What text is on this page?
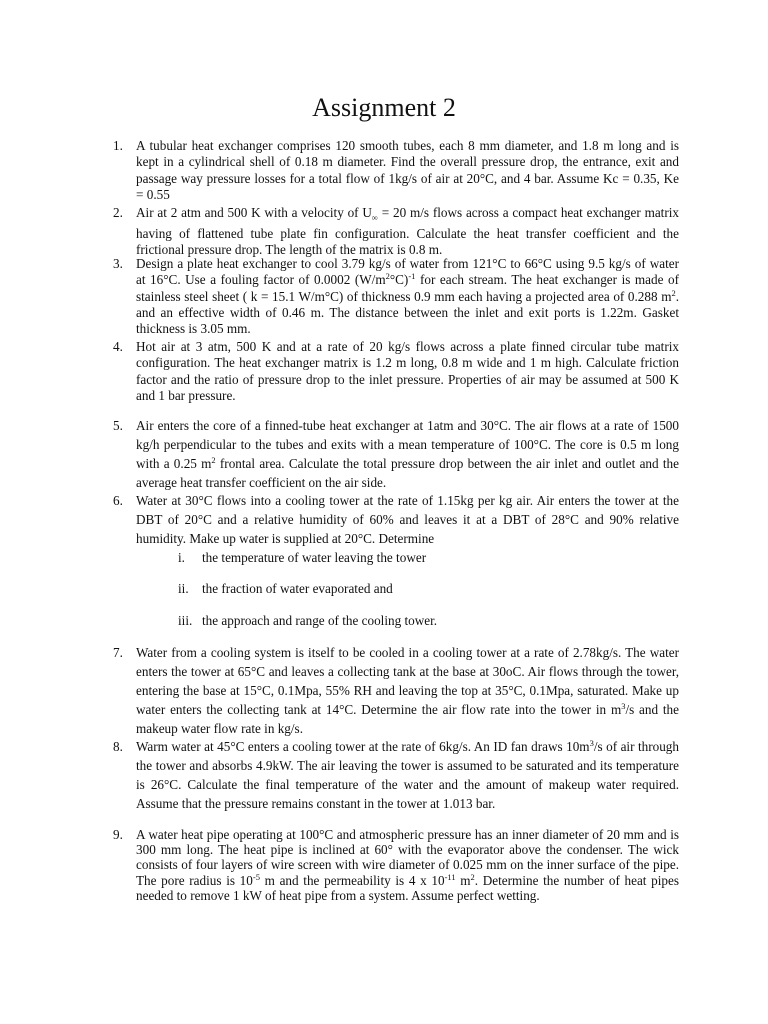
Assignment 2
1. A tubular heat exchanger comprises 120 smooth tubes, each 8 mm diameter, and 1.8 m long and is kept in a cylindrical shell of 0.18 m diameter. Find the overall pressure drop, the entrance, exit and passage way pressure losses for a total flow of 1kg/s of air at 20°C, and 4 bar. Assume Kc = 0.35, Ke = 0.55
2. Air at 2 atm and 500 K with a velocity of $U_\infty = 20$ m/s flows across a compact heat exchanger matrix having of flattened tube plate fin configuration. Calculate the heat transfer coefficient and the frictional pressure drop. The length of the matrix is 0.8 m.
3. Design a plate heat exchanger to cool 3.79 kg/s of water from 121°C to 66°C using 9.5 kg/s of water at 16°C. Use a fouling factor of 0.0002 $(W/m^2^\circ C)^{-1}$ for each stream. The heat exchanger is made of stainless steel sheet ( k = 15.1 W/m°C) of thickness 0.9 mm each having a projected area of 0.288 $m^2$. and an effective width of 0.46 m. The distance between the inlet and exit ports is 1.22m. Gasket thickness is 3.05 mm.
4. Hot air at 3 atm, 500 K and at a rate of 20 kg/s flows across a plate finned circular tube matrix configuration. The heat exchanger matrix is 1.2 m long, 0.8 m wide and 1 m high. Calculate friction factor and the ratio of pressure drop to the inlet pressure. Properties of air may be assumed at 500 K and 1 bar pressure.
5. Air enters the core of a finned-tube heat exchanger at 1atm and 30°C. The air flows at a rate of 1500 kg/h perpendicular to the tubes and exits with a mean temperature of 100°C. The core is 0.5 m long with a 0.25 $m^2$ frontal area. Calculate the total pressure drop between the air inlet and outlet and the average heat transfer coefficient on the air side.
6. Water at 30°C flows into a cooling tower at the rate of 1.15kg per kg air. Air enters the tower at the DBT of 20°C and a relative humidity of 60% and leaves it at a DBT of 28°C and 90% relative humidity. Make up water is supplied at 20°C. Determine
i. the temperature of water leaving the tower
ii. the fraction of water evaporated and
iii. the approach and range of the cooling tower.
7. Water from a cooling system is itself to be cooled in a cooling tower at a rate of 2.78kg/s. The water enters the tower at 65°C and leaves a collecting tank at the base at 30oC. Air flows through the tower, entering the base at 15°C, 0.1Mpa, 55% RH and leaving the top at 35°C, 0.1Mpa, saturated. Make up water enters the collecting tank at 14°C. Determine the air flow rate into the tower in $m^3/s$ and the makeup water flow rate in kg/s.
8. Warm water at 45°C enters a cooling tower at the rate of 6kg/s. An ID fan draws $10m^3/s$ of air through the tower and absorbs 4.9kW. The air leaving the tower is assumed to be saturated and its temperature is 26°C. Calculate the final temperature of the water and the amount of makeup water required. Assume that the pressure remains constant in the tower at 1.013 bar.
9. A water heat pipe operating at 100°C and atmospheric pressure has an inner diameter of 20 mm and is 300 mm long. The heat pipe is inclined at 60° with the evaporator above the condenser. The wick consists of four layers of wire screen with wire diameter of 0.025 mm on the inner surface of the pipe. The pore radius is $10^{-5}$ m and the permeability is 4 x $10^{-11}$ $m^2$. Determine the number of heat pipes needed to remove 1 kW of heat pipe from a system. Assume perfect wetting.
